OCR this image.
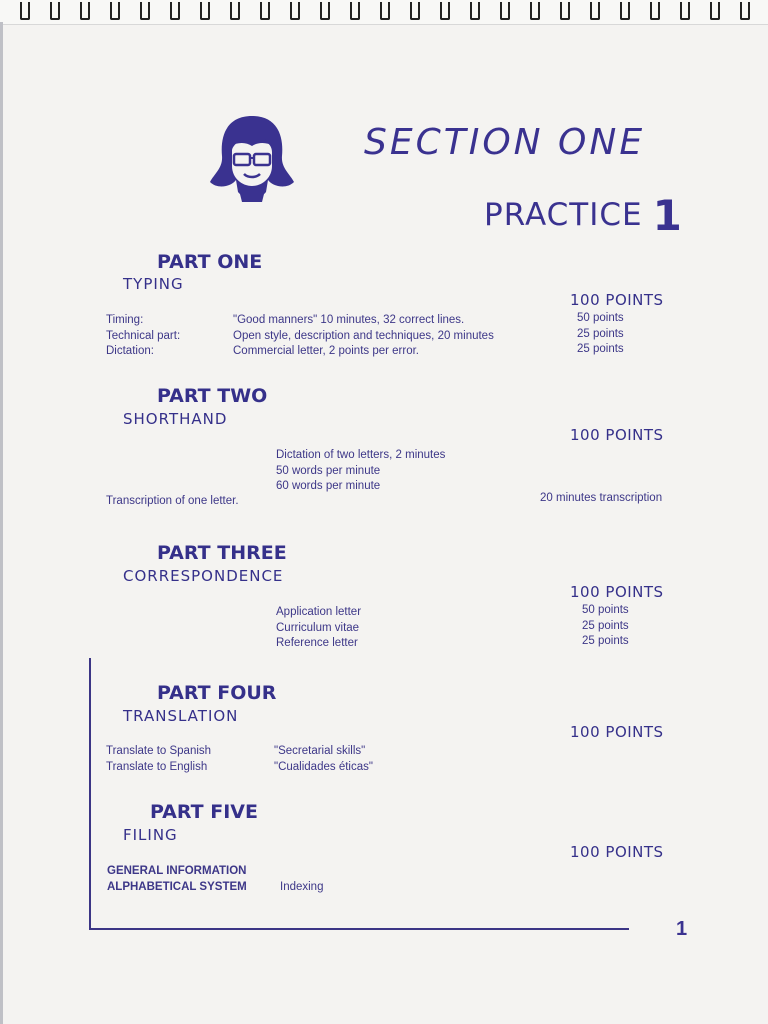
SECTION ONE
PRACTICE 1
PART ONE
TYPING
100 POINTS
Timing:
Technical part:
Dictation:
"Good manners" 10 minutes, 32 correct lines.
Open style, description and techniques, 20 minutes
Commercial letter, 2 points per error.
50 points
25 points
25 points
PART TWO
SHORTHAND
100 POINTS
Dictation of two letters, 2 minutes
50 words per minute
60 words per minute
Transcription of one letter.	20 minutes transcription
PART THREE
CORRESPONDENCE
100 POINTS
Application letter
Curriculum vitae
Reference letter
50 points
25 points
25 points
PART FOUR
TRANSLATION
100 POINTS
Translate to Spanish
Translate to English
"Secretarial skills"
"Cualidades éticas"
PART FIVE
FILING
100 POINTS
GENERAL INFORMATION
ALPHABETICAL SYSTEM	Indexing
1
